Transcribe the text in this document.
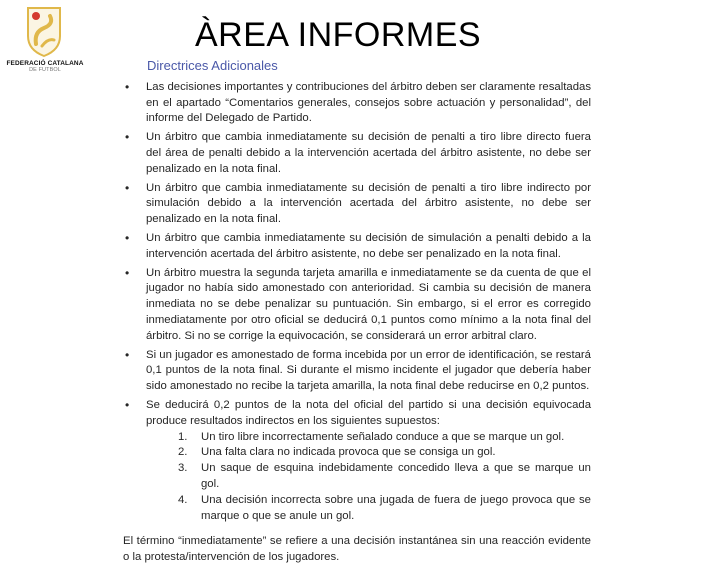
FEDERACIÓ CATALANA
DE FUTBOL
ÀREA INFORMES
Directrices Adicionales
• Las decisiones importantes y contribuciones del árbitro deben ser claramente resaltadas en el apartado “Comentarios generales, consejos sobre actuación y personalidad”, del informe del Delegado de Partido.
• Un árbitro que cambia inmediatamente su decisión de penalti a tiro libre directo fuera del área de penalti debido a la intervención acertada del árbitro asistente, no debe ser penalizado en la nota final.
• Un árbitro que cambia inmediatamente su decisión de penalti a tiro libre indirecto por simulación debido a la intervención acertada del árbitro asistente, no debe ser penalizado en la nota final.
• Un árbitro que cambia inmediatamente su decisión de simulación a penalti debido a la intervención acertada del árbitro asistente, no debe ser penalizado en la nota final.
• Un árbitro muestra la segunda tarjeta amarilla e inmediatamente se da cuenta de que el jugador no había sido amonestado con anterioridad. Si cambia su decisión de manera inmediata no se debe penalizar su puntuación. Sin embargo, si el error es corregido inmediatamente por otro oficial se deducirá 0,1 puntos como mínimo a la nota final del árbitro. Si no se corrige la equivocación, se considerará un error arbitral claro.
• Si un jugador es amonestado de forma incebida por un error de identificación, se restará 0,1 puntos de la nota final. Si durante el mismo incidente el jugador que debería haber sido amonestado no recibe la tarjeta amarilla, la nota final debe reducirse en 0,2 puntos.
• Se deducirá 0,2 puntos de la nota del oficial del partido si una decisión equivocada produce resultados indirectos en los siguientes supuestos:
1. Un tiro libre incorrectamente señalado conduce a que se marque un gol.
2. Una falta clara no indicada provoca que se consiga un gol.
3. Un saque de esquina indebidamente concedido lleva a que se marque un gol.
4. Una decisión incorrecta sobre una jugada de fuera de juego provoca que se marque o que se anule un gol.

El término “inmediatamente” se refiere a una decisión instantánea sin una reacción evidente o la protesta/intervención de los jugadores.
